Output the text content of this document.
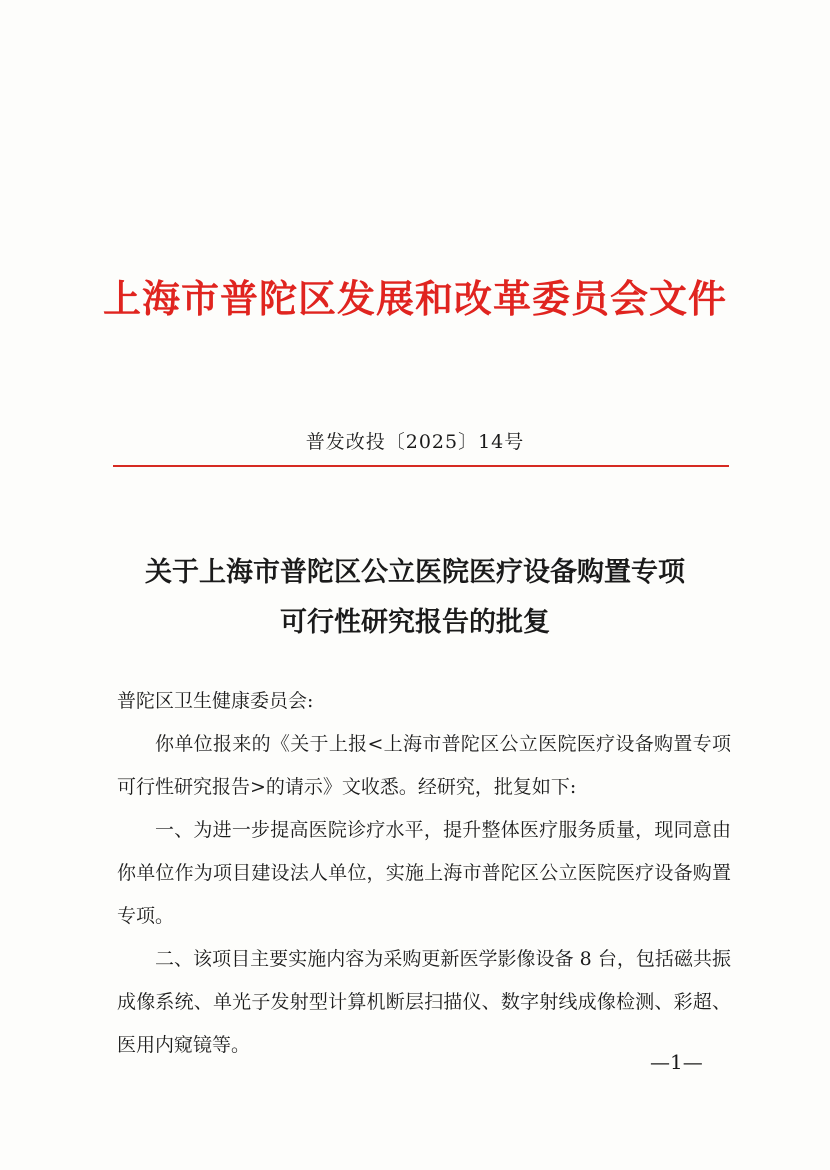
上海市普陀区发展和改革委员会文件
普发改投〔2025〕14号
关于上海市普陀区公立医院医疗设备购置专项
可行性研究报告的批复

普陀区卫生健康委员会:

你单位报来的《关于上报<上海市普陀区公立医院医疗设备购置专项可行性研究报告>的请示》文收悉。经研究，批复如下:

一、为进一步提高医院诊疗水平，提升整体医疗服务质量，现同意由你单位作为项目建设法人单位，实施上海市普陀区公立医院医疗设备购置专项。

二、该项目主要实施内容为采购更新医学影像设备 8 台，包括磁共振成像系统、单光子发射型计算机断层扫描仪、数字射线成像检测、彩超、医用内窥镜等。

—1—
